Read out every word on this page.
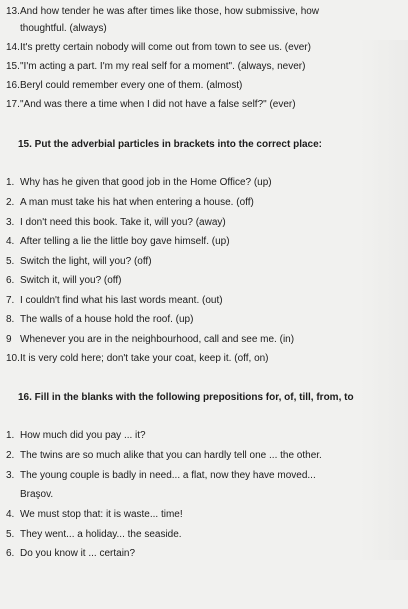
13.And how tender he was after times like those, how submissive, how
thoughtful. (always)
14.It's pretty certain nobody will come out from town to see us. (ever)
15."I'm acting a part. I'm my real self for a moment". (always, never)
16.Beryl could remember every one of them. (almost)
17."And was there a time when I did not have a false self?" (ever)
15. Put the adverbial particles in brackets into the correct place:
1. Why has he given that good job in the Home Office? (up)
2. A man must take his hat when entering a house. (off)
3. I don't need this book. Take it, will you? (away)
4. After telling a lie the little boy gave himself. (up)
5. Switch the light, will you? (off)
6. Switch it, will you? (off)
7. I couldn't find what his last words meant. (out)
8. The walls of a house hold the roof. (up)
9 Whenever you are in the neighbourhood, call and see me. (in)
10.It is very cold here; don't take your coat, keep it. (off, on)
16. Fill in the blanks with the following prepositions for, of, till, from, to
1. How much did you pay ... it?
2. The twins are so much alike that you can hardly tell one ... the other.
3. The young couple is badly in need... a flat, now they have moved...
Braşov.
4. We must stop that: it is waste... time!
5. They went... a holiday... the seaside.
6. Do you know it ... certain?
